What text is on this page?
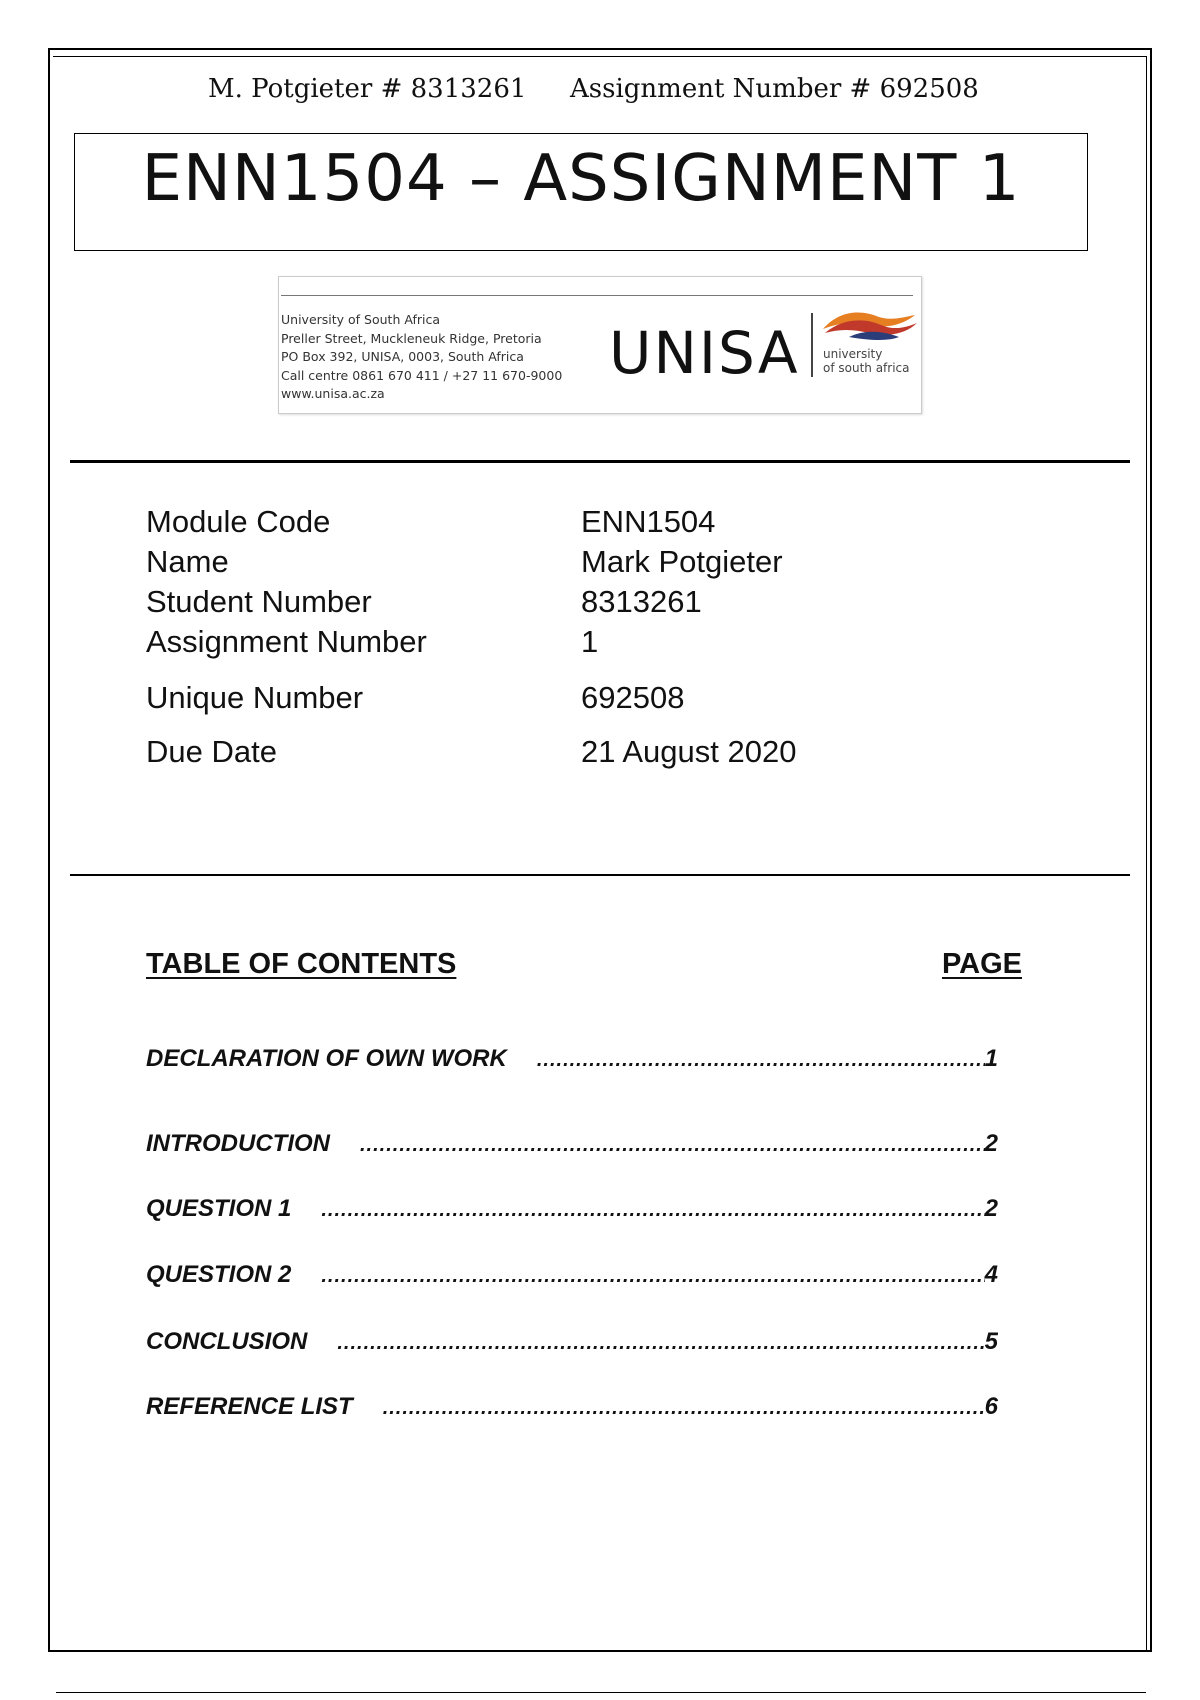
M. Potgieter # 8313261 Assignment Number # 692508
ENN1504 – ASSIGNMENT 1
University of South Africa
Preller Street, Muckleneuk Ridge, Pretoria
PO Box 392, UNISA, 0003, South Africa
Call centre 0861 670 411 / +27 11 670-9000
www.unisa.ac.za
UNISA university
of south africa
Module Code	ENN1504
Name	Mark Potgieter
Student Number	8313261
Assignment Number	1
Unique Number	692508
Due Date	21 August 2020
TABLE OF CONTENTS	PAGE
DECLARATION OF OWN WORK .....	1
INTRODUCTION .....	2
QUESTION 1 .....	2
QUESTION 2 .....	4
CONCLUSION .....	5
REFERENCE LIST .....	6
